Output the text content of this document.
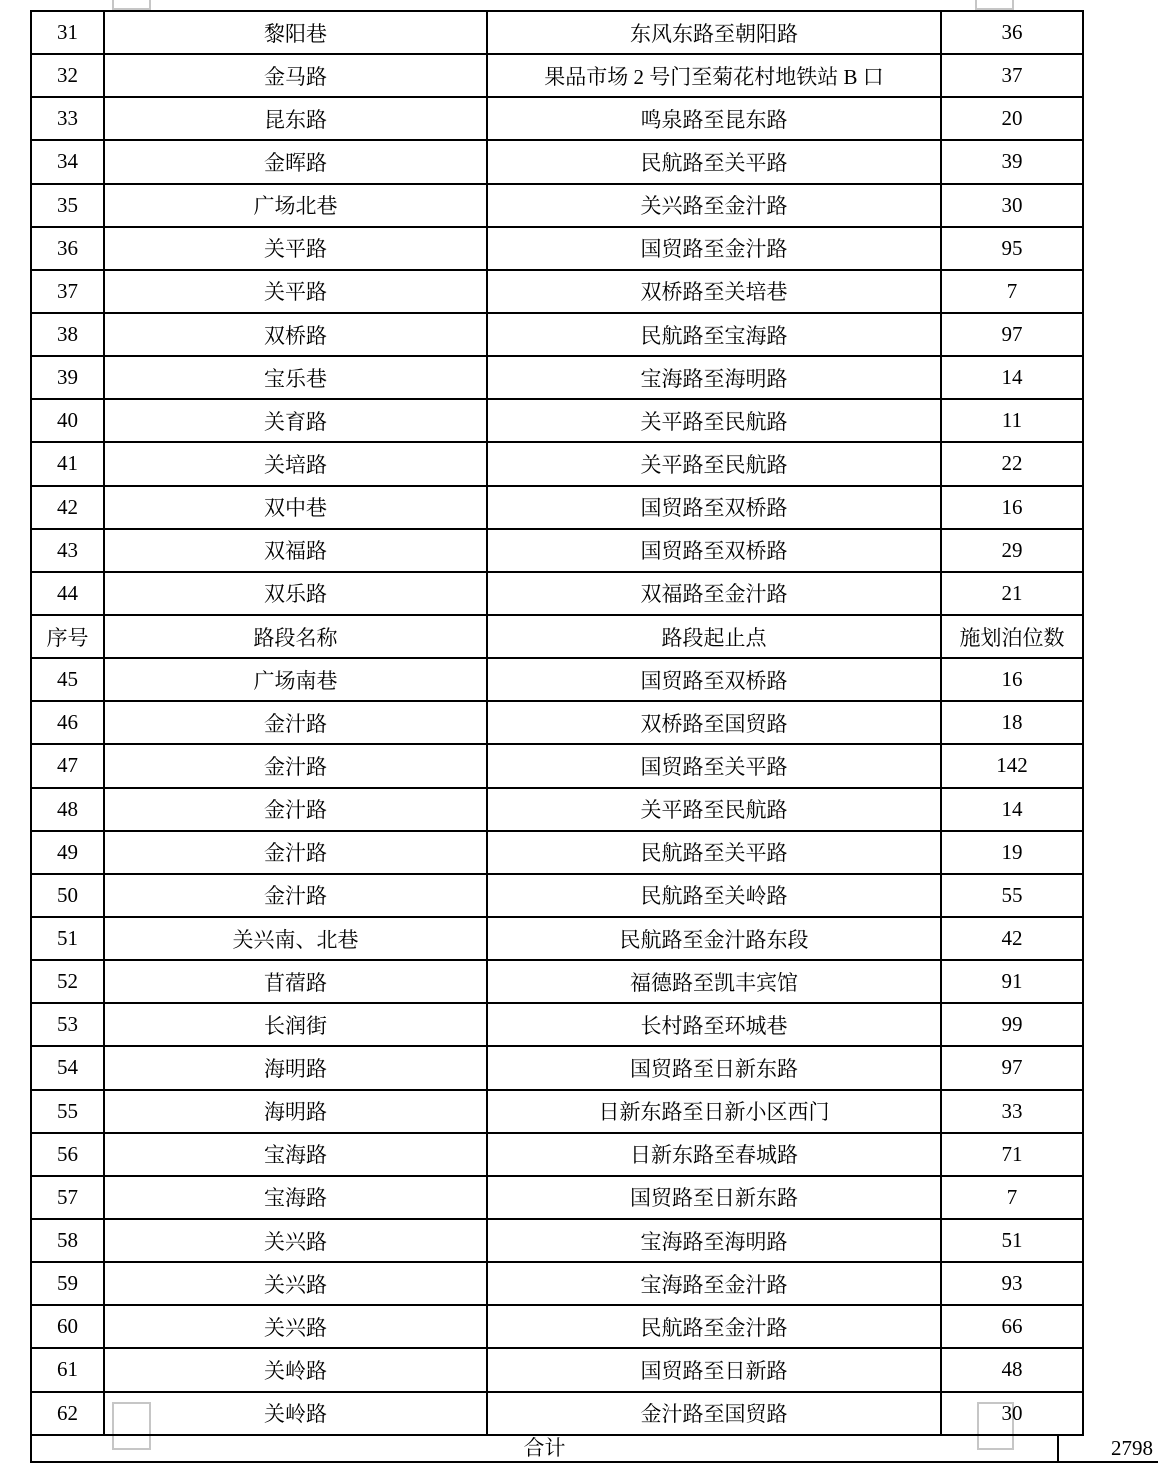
31	黎阳巷	东风东路至朝阳路	36
32	金马路	果品市场 2 号门至菊花村地铁站 B 口	37
33	昆东路	鸣泉路至昆东路	20
34	金晖路	民航路至关平路	39
35	广场北巷	关兴路至金汁路	30
36	关平路	国贸路至金汁路	95
37	关平路	双桥路至关培巷	7
38	双桥路	民航路至宝海路	97
39	宝乐巷	宝海路至海明路	14
40	关育路	关平路至民航路	11
41	关培路	关平路至民航路	22
42	双中巷	国贸路至双桥路	16
43	双福路	国贸路至双桥路	29
44	双乐路	双福路至金汁路	21
序号	路段名称	路段起止点	施划泊位数
45	广场南巷	国贸路至双桥路	16
46	金汁路	双桥路至国贸路	18
47	金汁路	国贸路至关平路	142
48	金汁路	关平路至民航路	14
49	金汁路	民航路至关平路	19
50	金汁路	民航路至关岭路	55
51	关兴南、北巷	民航路至金汁路东段	42
52	苜蓿路	福德路至凯丰宾馆	91
53	长润街	长村路至环城巷	99
54	海明路	国贸路至日新东路	97
55	海明路	日新东路至日新小区西门	33
56	宝海路	日新东路至春城路	71
57	宝海路	国贸路至日新东路	7
58	关兴路	宝海路至海明路	51
59	关兴路	宝海路至金汁路	93
60	关兴路	民航路至金汁路	66
61	关岭路	国贸路至日新路	48
62	关岭路	金汁路至国贸路	30
合计	2798
